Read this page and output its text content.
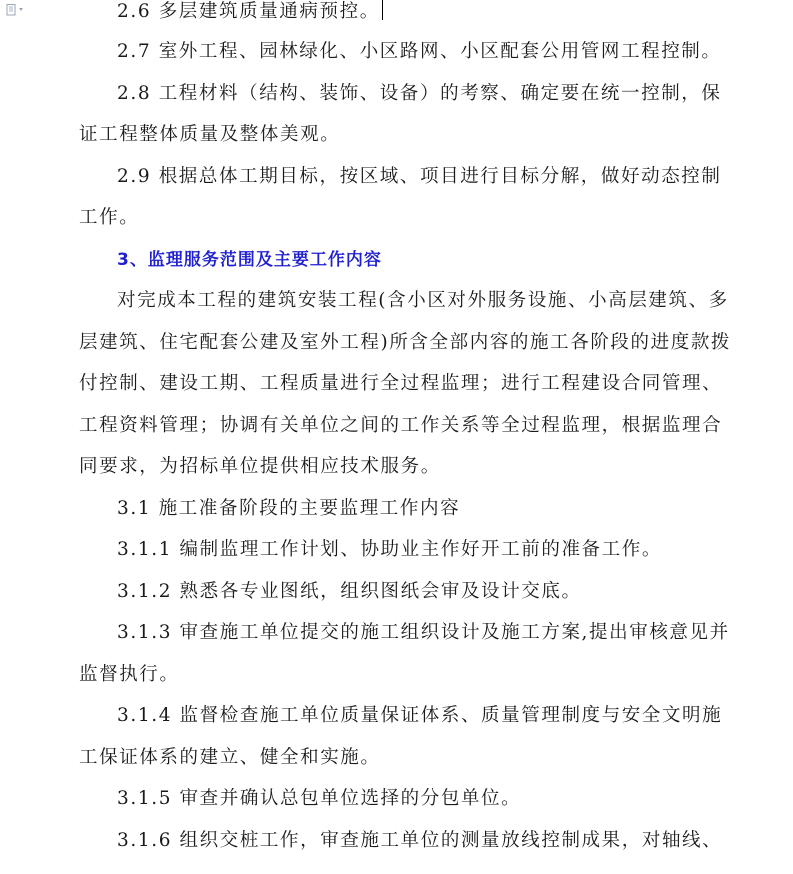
2.6 多层建筑质量通病预控。
2.7 室外工程、园林绿化、小区路网、小区配套公用管网工程控制。
2.8 工程材料（结构、装饰、设备）的考察、确定要在统一控制，保
证工程整体质量及整体美观。
2.9 根据总体工期目标，按区域、项目进行目标分解，做好动态控制
工作。
3、监理服务范围及主要工作内容
对完成本工程的建筑安装工程(含小区对外服务设施、小高层建筑、多
层建筑、住宅配套公建及室外工程)所含全部内容的施工各阶段的进度款拨
付控制、建设工期、工程质量进行全过程监理；进行工程建设合同管理、
工程资料管理；协调有关单位之间的工作关系等全过程监理，根据监理合
同要求，为招标单位提供相应技术服务。
3.1 施工准备阶段的主要监理工作内容
3.1.1 编制监理工作计划、协助业主作好开工前的准备工作。
3.1.2 熟悉各专业图纸，组织图纸会审及设计交底。
3.1.3 审查施工单位提交的施工组织设计及施工方案,提出审核意见并
监督执行。
3.1.4 监督检查施工单位质量保证体系、质量管理制度与安全文明施
工保证体系的建立、健全和实施。
3.1.5 审查并确认总包单位选择的分包单位。
3.1.6 组织交桩工作，审查施工单位的测量放线控制成果，对轴线、
